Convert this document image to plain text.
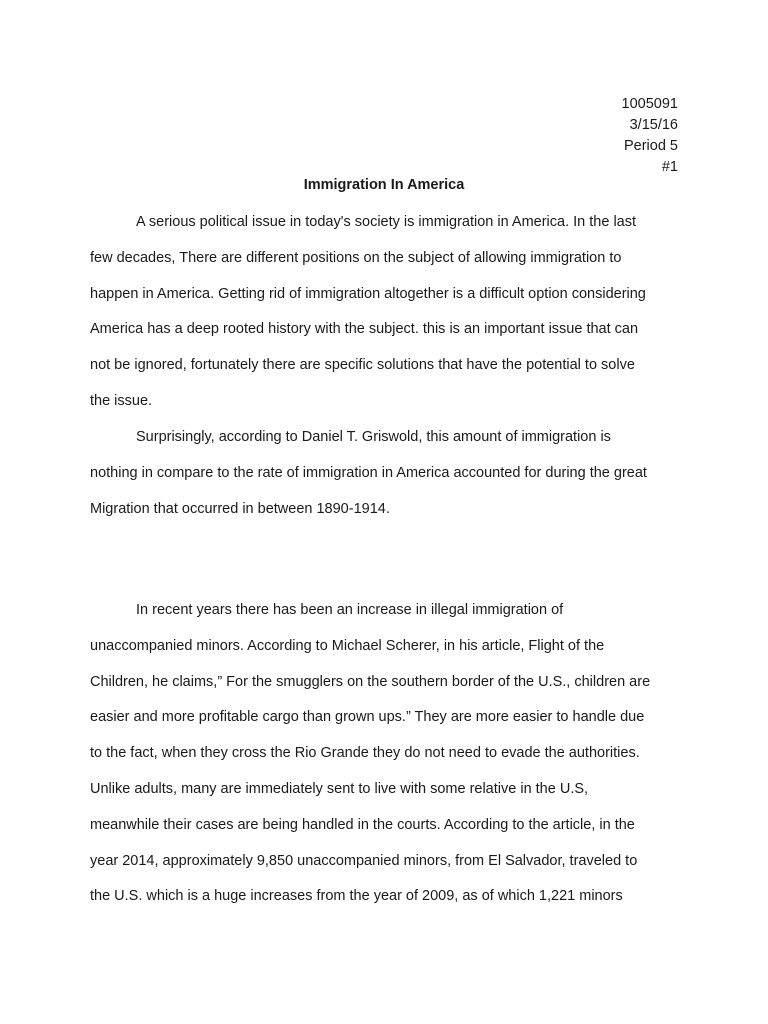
1005091
3/15/16
Period 5
#1
Immigration In America
A serious political issue in today's society is immigration in America. In the last
few decades, There are different positions on the subject of allowing immigration to
happen in America. Getting rid of immigration altogether is a difficult option considering
America has a deep rooted history with the subject. this is an important issue that can
not be ignored, fortunately there are specific solutions that have the potential to solve
the issue.
Surprisingly, according to Daniel T. Griswold, this amount of immigration is
nothing in compare to the rate of immigration in America accounted for during the great
Migration that occurred in between 1890-1914.
In recent years there has been an increase in illegal immigration of
unaccompanied minors. According to Michael Scherer, in his article, Flight of the
Children, he claims,” For the smugglers on the southern border of the U.S., children are
easier and more profitable cargo than grown ups.” They are more easier to handle due
to the fact, when they cross the Rio Grande they do not need to evade the authorities.
Unlike adults, many are immediately sent to live with some relative in the U.S,
meanwhile their cases are being handled in the courts. According to the article, in the
year 2014, approximately 9,850 unaccompanied minors, from El Salvador, traveled to
the U.S. which is a huge increases from the year of 2009, as of which 1,221 minors
